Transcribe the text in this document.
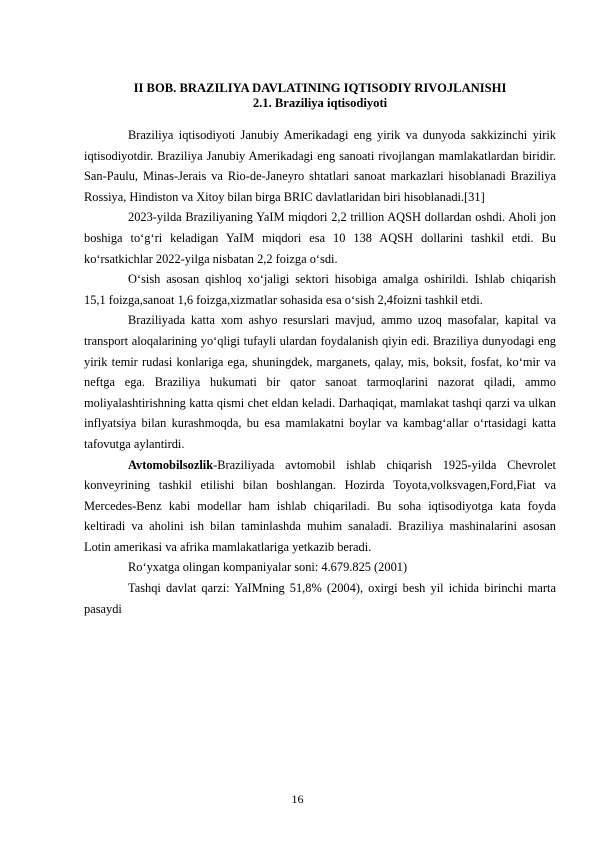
II BOB. BRAZILIYA DAVLATINING IQTISODIY RIVOJLANISHI

2.1. Braziliya iqtisodiyoti

Braziliya iqtisodiyoti Janubiy Amerikadagi eng yirik va dunyoda sakkizinchi yirik iqtisodiyotdir. Braziliya Janubiy Amerikadagi eng sanoati rivojlangan mamlakatlardan biridir. San-Paulu, Minas-Jerais va Rio-de-Janeyro shtatlari sanoat markazlari hisoblanadi Braziliya Rossiya, Hindiston va Xitoy bilan birga BRIC davlatlaridan biri hisoblanadi.[31]

2023-yilda Braziliyaning YaIM miqdori 2,2 trillion AQSH dollardan oshdi. Aholi jon boshiga to‘g‘ri keladigan YaIM miqdori esa 10 138 AQSH dollarini tashkil etdi. Bu ko‘rsatkichlar 2022-yilga nisbatan 2,2 foizga o‘sdi.

O‘sish asosan qishloq xo‘jaligi sektori hisobiga amalga oshirildi. Ishlab chiqarish 15,1 foizga,sanoat 1,6 foizga,xizmatlar sohasida esa o‘sish 2,4foizni tashkil etdi.

Braziliyada katta xom ashyo resurslari mavjud, ammo uzoq masofalar, kapital va transport aloqalarining yo‘qligi tufayli ulardan foydalanish qiyin edi. Braziliya dunyodagi eng yirik temir rudasi konlariga ega, shuningdek, marganets, qalay, mis, boksit, fosfat, ko‘mir va neftga ega. Braziliya hukumati bir qator sanoat tarmoqlarini nazorat qiladi, ammo moliyalashtirishning katta qismi chet eldan keladi. Darhaqiqat, mamlakat tashqi qarzi va ulkan inflyatsiya bilan kurashmoqda, bu esa mamlakatni boylar va kambag‘allar o‘rtasidagi katta tafovutga aylantirdi.

Avtomobilsozlik-Braziliyada avtomobil ishlab chiqarish 1925-yilda Chevrolet konveyrining tashkil etilishi bilan boshlangan. Hozirda Toyota,volksvagen,Ford,Fiat va Mercedes-Benz kabi modellar ham ishlab chiqariladi. Bu soha iqtisodiyotga kata foyda keltiradi va aholini ish bilan taminlashda muhim sanaladi. Braziliya mashinalarini asosan Lotin amerikasi va afrika mamlakatlariga yetkazib beradi.

Ro‘yxatga olingan kompaniyalar soni: 4.679.825 (2001)

Tashqi davlat qarzi: YaIMning 51,8% (2004), oxirgi besh yil ichida birinchi marta pasaydi

16
